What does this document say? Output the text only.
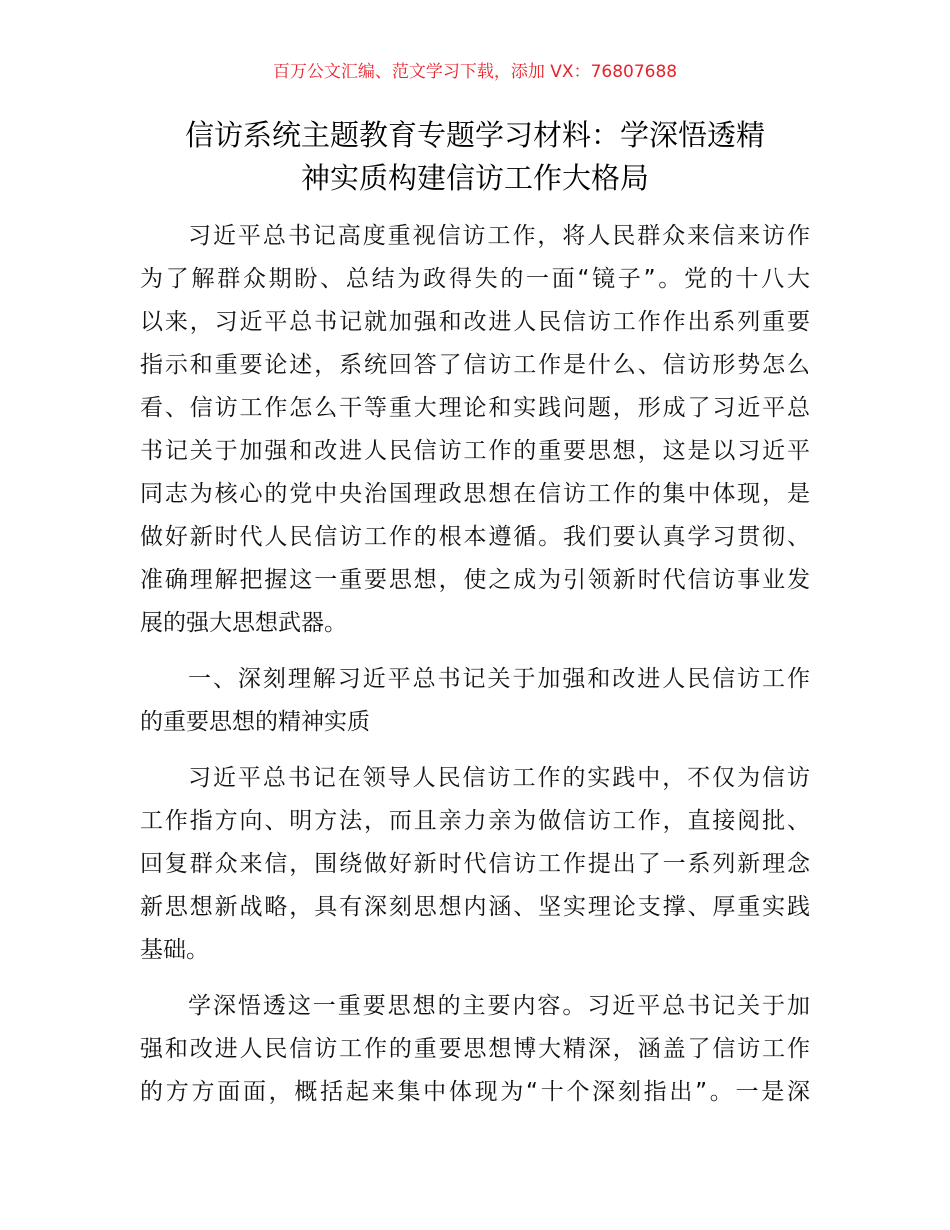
百万公文汇编、范文学习下载，添加 VX：76807688
信访系统主题教育专题学习材料：学深悟透精
神实质构建信访工作大格局
习近平总书记高度重视信访工作，将人民群众来信来访作
为了解群众期盼、总结为政得失的一面“镜子”。党的十八大
以来，习近平总书记就加强和改进人民信访工作作出系列重要
指示和重要论述，系统回答了信访工作是什么、信访形势怎么
看、信访工作怎么干等重大理论和实践问题，形成了习近平总
书记关于加强和改进人民信访工作的重要思想，这是以习近平
同志为核心的党中央治国理政思想在信访工作的集中体现，是
做好新时代人民信访工作的根本遵循。我们要认真学习贯彻、
准确理解把握这一重要思想，使之成为引领新时代信访事业发
展的强大思想武器。
一、深刻理解习近平总书记关于加强和改进人民信访工作
的重要思想的精神实质
习近平总书记在领导人民信访工作的实践中，不仅为信访
工作指方向、明方法，而且亲力亲为做信访工作，直接阅批、
回复群众来信，围绕做好新时代信访工作提出了一系列新理念
新思想新战略，具有深刻思想内涵、坚实理论支撑、厚重实践
基础。
学深悟透这一重要思想的主要内容。习近平总书记关于加
强和改进人民信访工作的重要思想博大精深，涵盖了信访工作
的方方面面，概括起来集中体现为“十个深刻指出”。一是深
